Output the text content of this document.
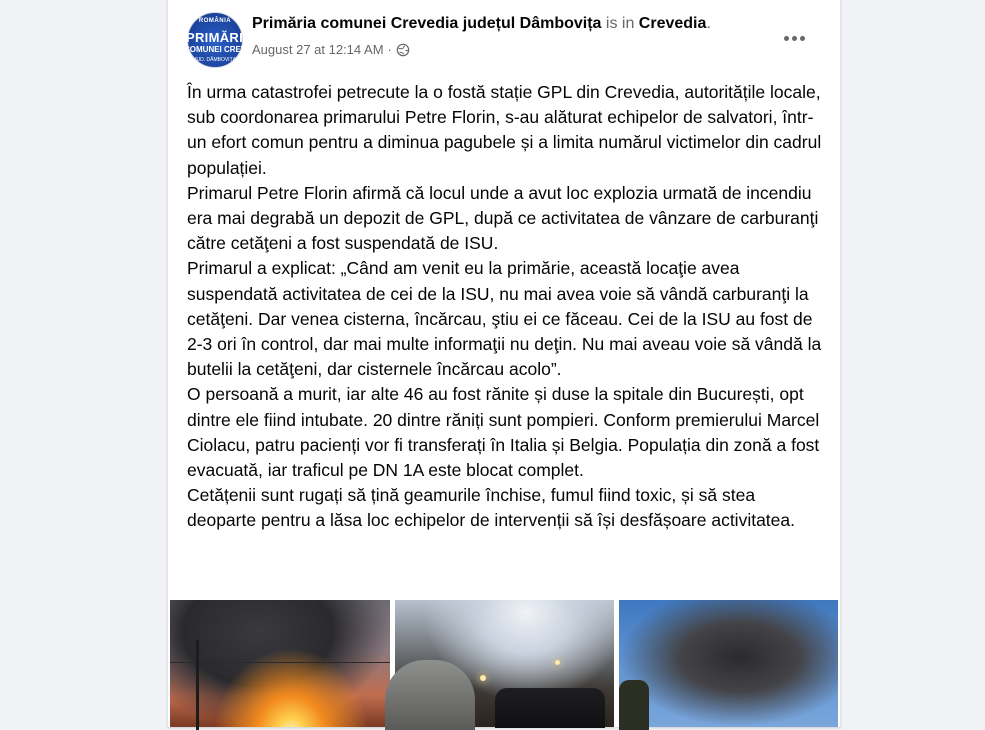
ROMÂNIA
PRIMĂRIA
COMUNEI CREVEDIA
JUD. DÂMBOVIȚA
Primăria comunei Crevedia județul Dâmbovița is in Crevedia.
August 27 at 12:14 AM ·

În urma catastrofei petrecute la o fostă stație GPL din Crevedia, autoritățile locale, sub coordonarea primarului Petre Florin, s-au alăturat echipelor de salvatori, într-un efort comun pentru a diminua pagubele și a limita numărul victimelor din cadrul populației.

Primarul Petre Florin afirmă că locul unde a avut loc explozia urmată de incendiu era mai degrabă un depozit de GPL, după ce activitatea de vânzare de carburanţi către cetăţeni a fost suspendată de ISU.

Primarul a explicat: „Când am venit eu la primărie, această locaţie avea suspendată activitatea de cei de la ISU, nu mai avea voie să vândă carburanţi la cetăţeni. Dar venea cisterna, încărcau, ştiu ei ce făceau. Cei de la ISU au fost de 2-3 ori în control, dar mai multe informaţii nu deţin. Nu mai aveau voie să vândă la butelii la cetăţeni, dar cisternele încărcau acolo”.

O persoană a murit, iar alte 46 au fost rănite și duse la spitale din București, opt dintre ele fiind intubate. 20 dintre răniți sunt pompieri. Conform premierului Marcel Ciolacu, patru pacienți vor fi transferați în Italia și Belgia. Populația din zonă a fost evacuată, iar traficul pe DN 1A este blocat complet.

Cetățenii sunt rugați să țină geamurile închise, fumul fiind toxic, și să stea deoparte pentru a lăsa loc echipelor de intervenții să își desfășoare activitatea.
